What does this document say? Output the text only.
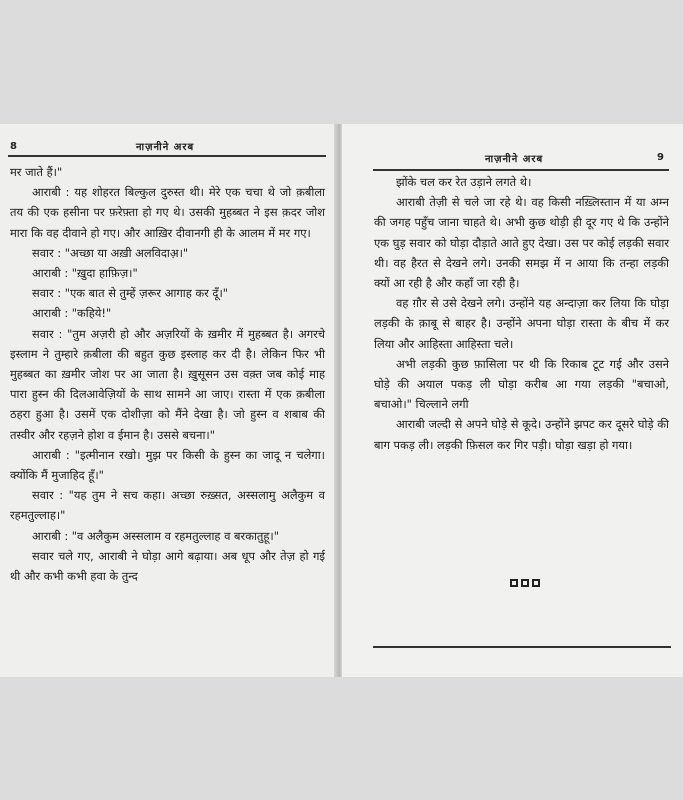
8	नाज़नीने अरब

मर जाते हैं।"

आराबी : यह शोहरत बिल्कुल दुरुस्त थी। मेरे एक चचा थे जो क़बीला तय की एक हसीना पर फ़रेफ़्ता हो गए थे। उसकी मुहब्बत ने इस क़दर जोश मारा कि वह दीवाने हो गए। और आख़िर दीवानगी ही के आलम में मर गए।

सवार : "अच्छा या अख़ी अलविदाअ़।"

आराबी : "ख़ुदा हाफ़िज़।"

सवार : "एक बात से तुम्हें ज़रूर आगाह कर दूँ।"

आराबी : "कहिये!"

सवार : "तुम अज़री हो और अज़रियों के ख़मीर में मुहब्बत है। अगरचे इस्लाम ने तुम्हारे क़बीला की बहुत कुछ इस्लाह कर दी है। लेकिन फिर भी मुहब्बत का ख़मीर जोश पर आ जाता है। ख़ुसूसन उस वक़्त जब कोई माह पारा हुस्न की दिलआवेज़ियों के साथ सामने आ जाए। रास्ता में एक क़बीला ठहरा हुआ है। उसमें एक दोशीज़ा को मैंने देखा है। जो हुस्न व शबाब की तस्वीर और रहज़ने होश व ईमान है। उससे बचना।"

आराबी : "इत्मीनान रखो। मुझ पर किसी के हुस्न का जादू न चलेगा। क्योंकि मैं मुजाहिद हूँ।"

सवार : "यह तुम ने सच कहा। अच्छा रुख़्सत, अस्सलामु अलैकुम व रहमतुल्लाह।"

आराबी : "व अलैकुम अस्सलाम व रहमतुल्लाह व बरकातुहू।"

सवार चले गए, आराबी ने घोड़ा आगे बढ़ाया। अब धूप और तेज़ हो गई थी और कभी कभी हवा के तुन्द

नाज़नीने अरब	9

झोंके चल कर रेत उड़ाने लगते थे।

आराबी तेज़ी से चले जा रहे थे। वह किसी नख़्लिस्तान में या अम्न की जगह पहुँच जाना चाहते थे। अभी कुछ थोड़ी ही दूर गए थे कि उन्होंने एक घुड़ सवार को घोड़ा दौड़ाते आते हुए देखा। उस पर कोई लड़की सवार थी। वह हैरत से देखने लगे। उनकी समझ में न आया कि तन्हा लड़की क्यों आ रही है और कहाँ जा रही है।

वह ग़ौर से उसे देखने लगे। उन्होंने यह अन्दाज़ा कर लिया कि घोड़ा लड़की के क़ाबू से बाहर है। उन्होंने अपना घोड़ा रास्ता के बीच में कर लिया और आहिस्ता आहिस्ता चले।

अभी लड़की कुछ फ़ासिला पर थी कि रिकाब टूट गई और उसने घोड़े की अयाल पकड़ ली घोड़ा करीब आ गया लड़की "बचाओ, बचाओ।" चिल्लाने लगी

आराबी जल्दी से अपने घोड़े से कूदे। उन्होंने झपट कर दूसरे घोड़े की बाग पकड़ ली। लड़की फ़िसल कर गिर पड़ी। घोड़ा खड़ा हो गया।
